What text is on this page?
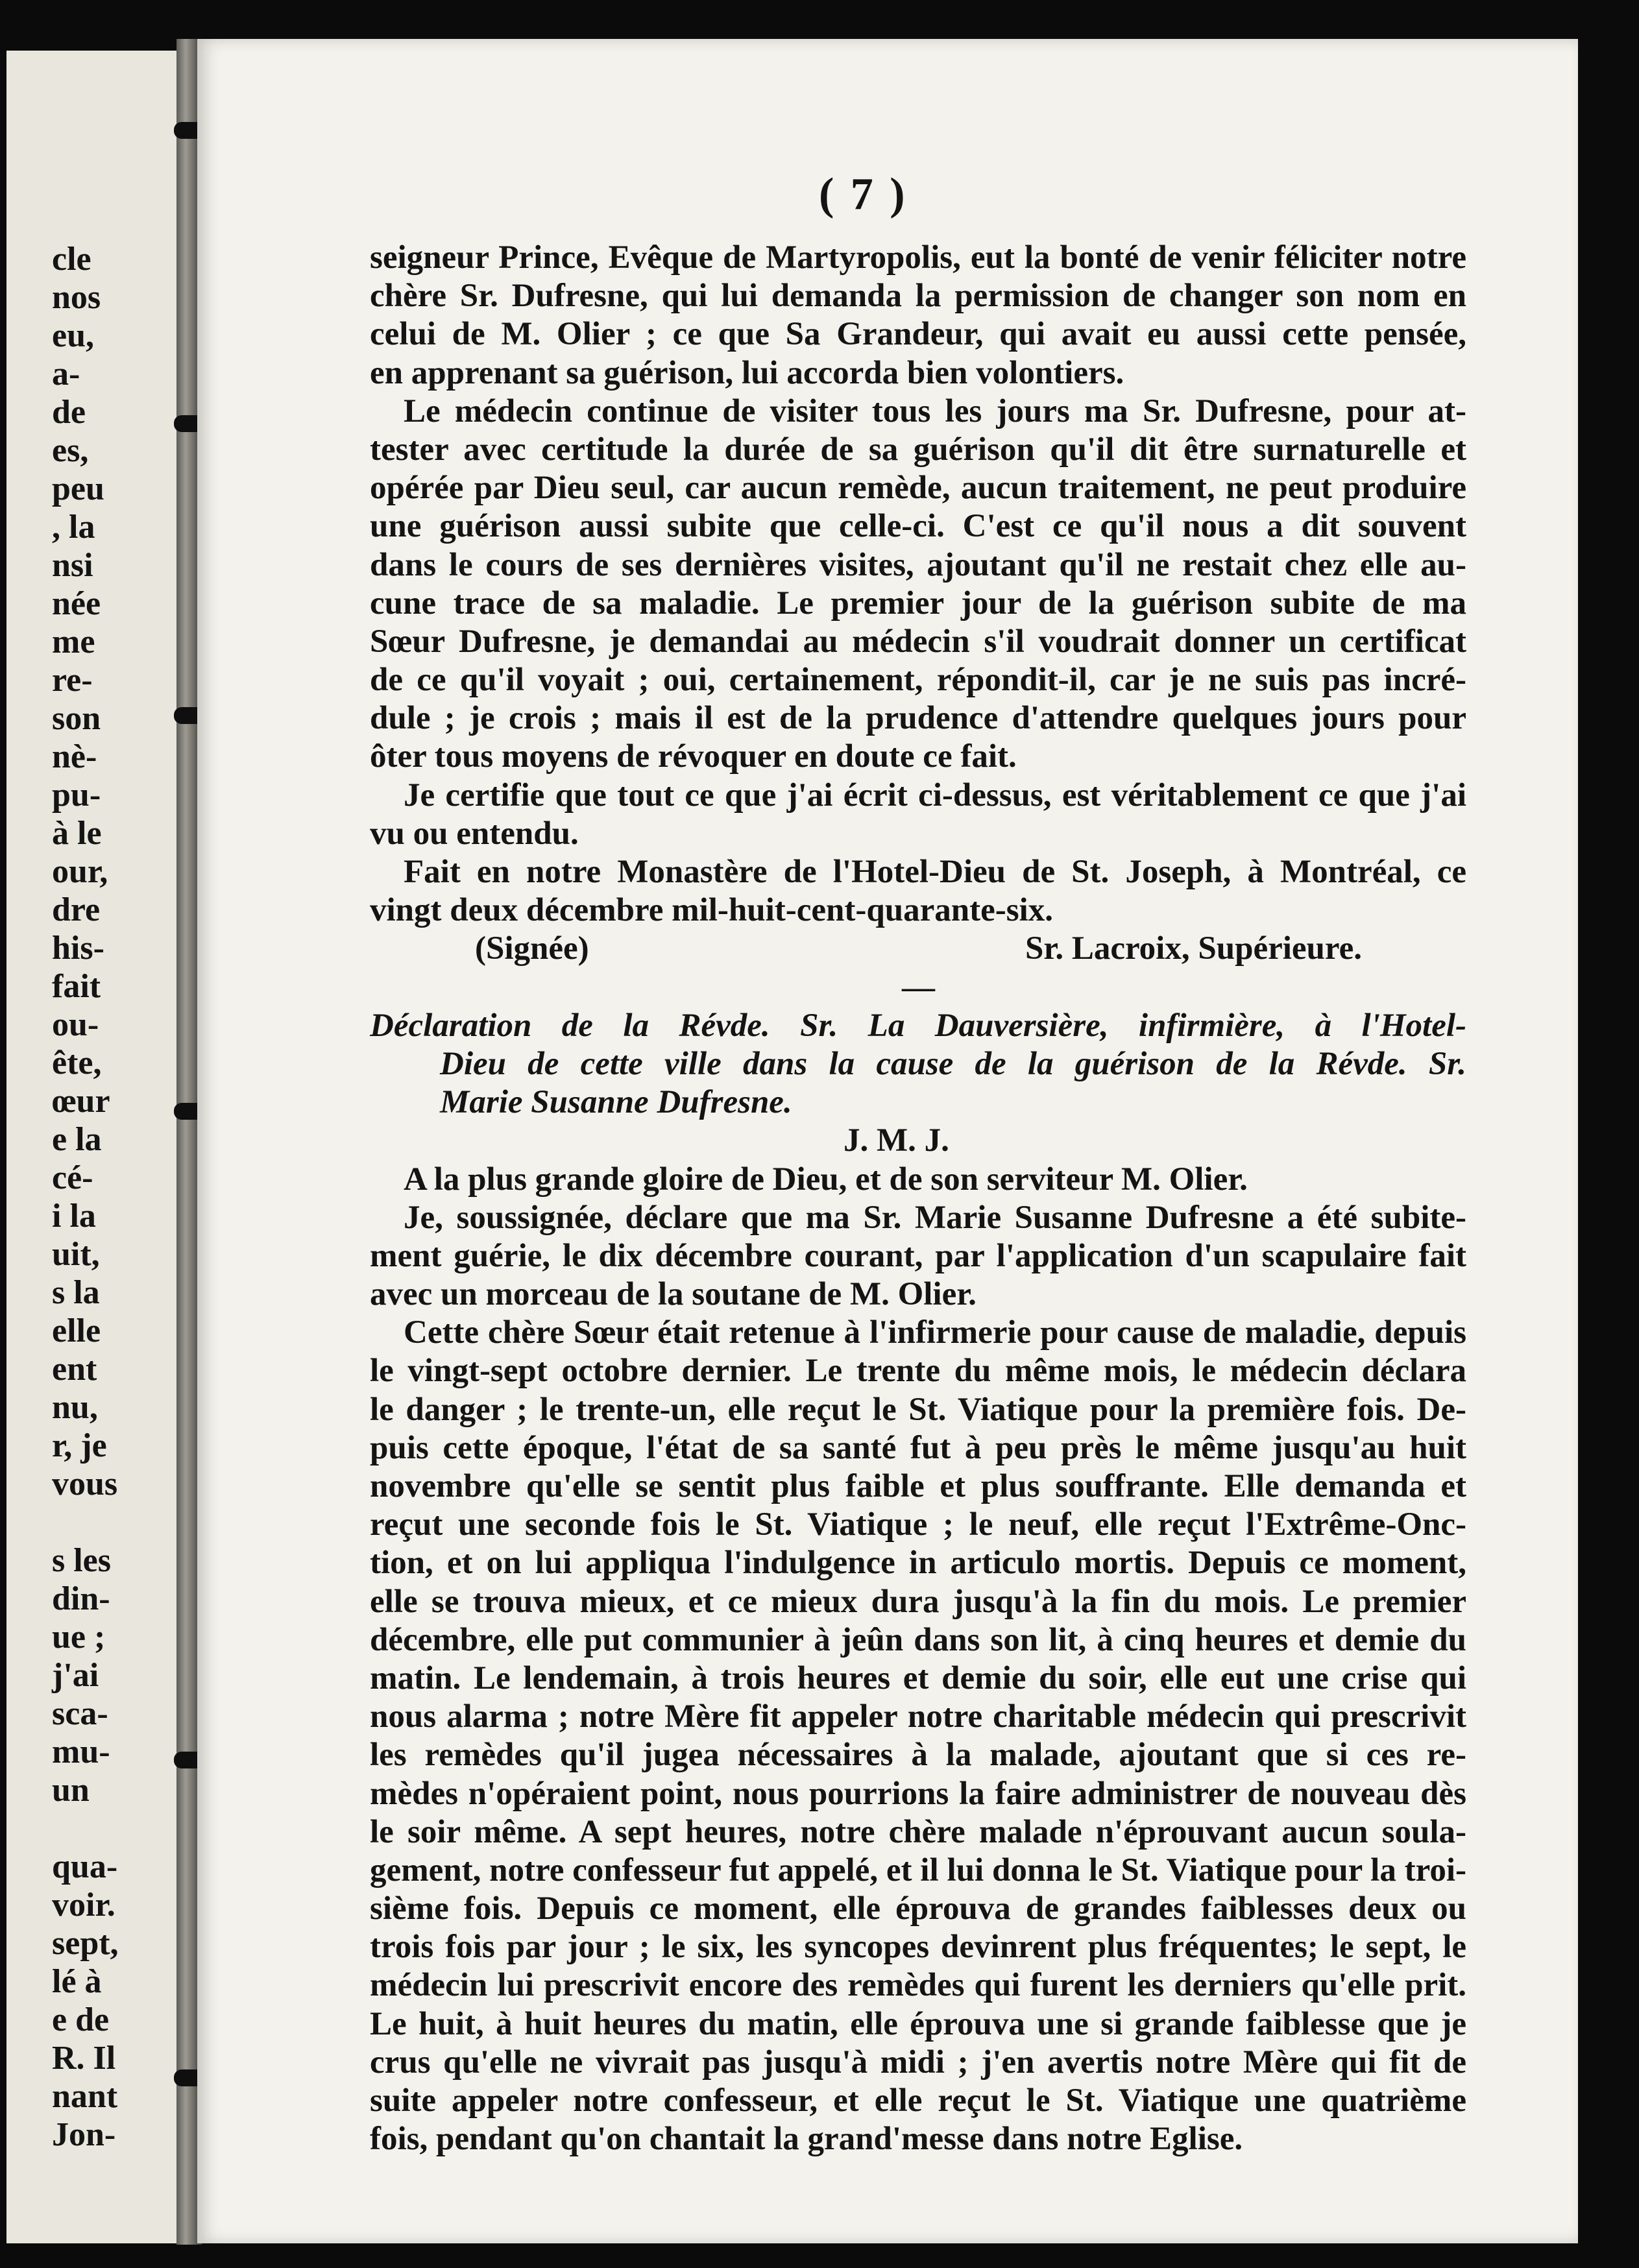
cle
nos
eu,
a-
de
es,
peu
, la
nsi
née
me
re-
son
nè-
pu-
à le
our,
dre
his-
fait
ou-
ête,
œur
e la
cé-
i la
uit,
s la
elle
ent
nu,
r, je
vous
s les
din-
ue ;
j'ai
sca-
mu-
un
qua-
voir.
sept,
lé à
e de
R. Il
nant
Jon-
( 7 )
seigneur Prince, Evêque de Martyropolis, eut la bonté de venir féliciter notre
chère Sr. Dufresne, qui lui demanda la permission de changer son nom en
celui de M. Olier ; ce que Sa Grandeur, qui avait eu aussi cette pensée,
en apprenant sa guérison, lui accorda bien volontiers.
Le médecin continue de visiter tous les jours ma Sr. Dufresne, pour at-
tester avec certitude la durée de sa guérison qu'il dit être surnaturelle et
opérée par Dieu seul, car aucun remède, aucun traitement, ne peut produire
une guérison aussi subite que celle-ci. C'est ce qu'il nous a dit souvent
dans le cours de ses dernières visites, ajoutant qu'il ne restait chez elle au-
cune trace de sa maladie. Le premier jour de la guérison subite de ma
Sœur Dufresne, je demandai au médecin s'il voudrait donner un certificat
de ce qu'il voyait ; oui, certainement, répondit-il, car je ne suis pas incré-
dule ; je crois ; mais il est de la prudence d'attendre quelques jours pour
ôter tous moyens de révoquer en doute ce fait.
Je certifie que tout ce que j'ai écrit ci-dessus, est véritablement ce que j'ai
vu ou entendu.
Fait en notre Monastère de l'Hotel-Dieu de St. Joseph, à Montréal, ce
vingt deux décembre mil-huit-cent-quarante-six.
(Signée)	Sr. Lacroix, Supérieure.
—
Déclaration de la Révde. Sr. La Dauversière, infirmière, à l'Hotel-
Dieu de cette ville dans la cause de la guérison de la Révde. Sr.
Marie Susanne Dufresne.
J. M. J.
A la plus grande gloire de Dieu, et de son serviteur M. Olier.
Je, soussignée, déclare que ma Sr. Marie Susanne Dufresne a été subite-
ment guérie, le dix décembre courant, par l'application d'un scapulaire fait
avec un morceau de la soutane de M. Olier.
Cette chère Sœur était retenue à l'infirmerie pour cause de maladie, depuis
le vingt-sept octobre dernier. Le trente du même mois, le médecin déclara
le danger ; le trente-un, elle reçut le St. Viatique pour la première fois. De-
puis cette époque, l'état de sa santé fut à peu près le même jusqu'au huit
novembre qu'elle se sentit plus faible et plus souffrante. Elle demanda et
reçut une seconde fois le St. Viatique ; le neuf, elle reçut l'Extrême-Onc-
tion, et on lui appliqua l'indulgence in articulo mortis. Depuis ce moment,
elle se trouva mieux, et ce mieux dura jusqu'à la fin du mois. Le premier
décembre, elle put communier à jeûn dans son lit, à cinq heures et demie du
matin. Le lendemain, à trois heures et demie du soir, elle eut une crise qui
nous alarma ; notre Mère fit appeler notre charitable médecin qui prescrivit
les remèdes qu'il jugea nécessaires à la malade, ajoutant que si ces re-
mèdes n'opéraient point, nous pourrions la faire administrer de nouveau dès
le soir même. A sept heures, notre chère malade n'éprouvant aucun soula-
gement, notre confesseur fut appelé, et il lui donna le St. Viatique pour la troi-
sième fois. Depuis ce moment, elle éprouva de grandes faiblesses deux ou
trois fois par jour ; le six, les syncopes devinrent plus fréquentes; le sept, le
médecin lui prescrivit encore des remèdes qui furent les derniers qu'elle prit.
Le huit, à huit heures du matin, elle éprouva une si grande faiblesse que je
crus qu'elle ne vivrait pas jusqu'à midi ; j'en avertis notre Mère qui fit de
suite appeler notre confesseur, et elle reçut le St. Viatique une quatrième
fois, pendant qu'on chantait la grand'messe dans notre Eglise.
